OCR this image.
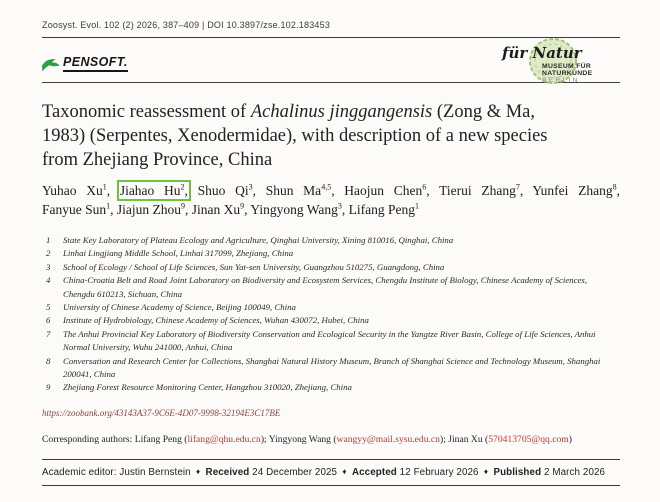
Zoosyst. Evol. 102 (2) 2026, 387–409 | DOI 10.3897/zse.102.183453

PENSOFT.
für Natur
MUSEUM FÜR
NATURKUNDE
BERLIN
Taxonomic reassessment of Achalinus jinggangensis (Zong & Ma,
1983) (Serpentes, Xenodermidae), with description of a new species
from Zhejiang Province, China
Yuhao Xu$^1$, Jiahao Hu$^2$, Shuo Qi$^3$, Shun Ma$^{4,5}$, Haojun Chen$^6$, Tierui Zhang$^7$, Yunfei Zhang$^8$,
Fanyue Sun$^1$, Jiajun Zhou$^9$, Jinan Xu$^9$, Yingyong Wang$^3$, Lifang Peng$^1$
1	State Key Laboratory of Plateau Ecology and Agriculture, Qinghai University, Xining 810016, Qinghai, China
2	Linhai Lingjiang Middle School, Linhai 317099, Zhejiang, China
3	School of Ecology / School of Life Sciences, Sun Yat-sen University, Guangzhou 510275, Guangdong, China
4	China-Croatia Belt and Road Joint Laboratory on Biodiversity and Ecosystem Services, Chengdu Institute of Biology, Chinese Academy of Sciences, Chengdu 610213, Sichuan, China
5	University of Chinese Academy of Science, Beijing 100049, China
6	Institute of Hydrobiology, Chinese Academy of Sciences, Wuhan 430072, Hubei, China
7	The Anhui Provincial Key Laboratory of Biodiversity Conservation and Ecological Security in the Yangtze River Basin, College of Life Sciences, Anhui Normal University, Wuhu 241000, Anhui, China
8	Conversation and Research Center for Collections, Shanghai Natural History Museum, Branch of Shanghai Science and Technology Museum, Shanghai 200041, China
9	Zhejiang Forest Resource Monitoring Center, Hangzhou 310020, Zhejiang, China
https://zoobank.org/43143A37-9C6E-4D07-9998-32194E3C17BE

Corresponding authors: Lifang Peng (lifang@qhu.edu.cn); Yingyong Wang (wangyy@mail.sysu.edu.cn); Jinan Xu (570413705@qq.com)

Academic editor: Justin Bernstein ♦ Received 24 December 2025 ♦ Accepted 12 February 2026 ♦ Published 2 March 2026
